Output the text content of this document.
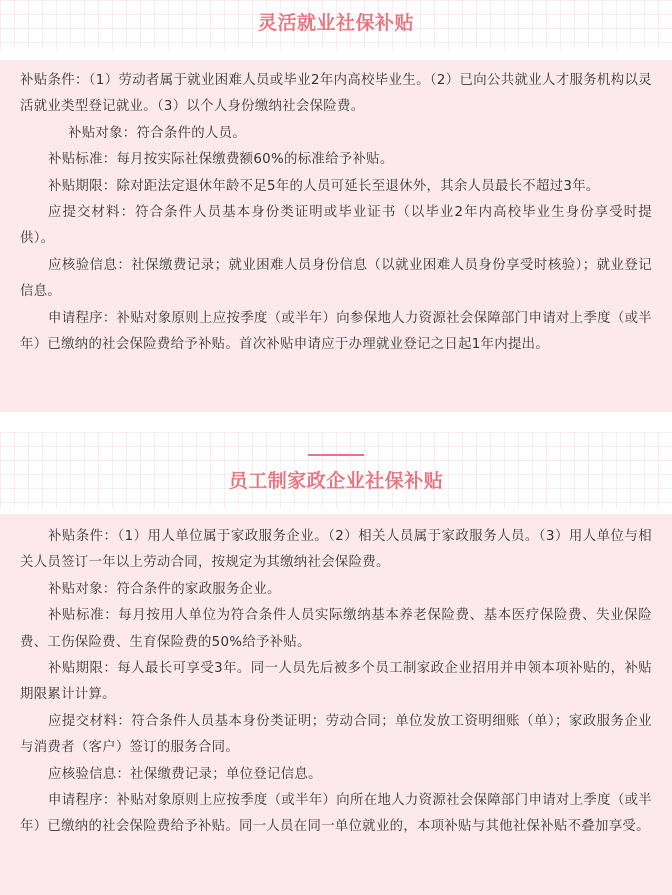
灵活就业社保补贴

补贴条件：（1）劳动者属于就业困难人员或毕业2年内高校毕业生。（2）已向公共就业人才服务机构以灵活就业类型登记就业。（3）以个人身份缴纳社会保险费。

补贴对象：符合条件的人员。

补贴标准：每月按实际社保缴费额60%的标准给予补贴。

补贴期限：除对距法定退休年龄不足5年的人员可延长至退休外，其余人员最长不超过3年。

应提交材料：符合条件人员基本身份类证明或毕业证书（以毕业2年内高校毕业生身份享受时提供）。

应核验信息：社保缴费记录；就业困难人员身份信息（以就业困难人员身份享受时核验）；就业登记信息。

申请程序：补贴对象原则上应按季度（或半年）向参保地人力资源社会保障部门申请对上季度（或半年）已缴纳的社会保险费给予补贴。首次补贴申请应于办理就业登记之日起1年内提出。

员工制家政企业社保补贴

补贴条件：（1）用人单位属于家政服务企业。（2）相关人员属于家政服务人员。（3）用人单位与相关人员签订一年以上劳动合同，按规定为其缴纳社会保险费。

补贴对象：符合条件的家政服务企业。

补贴标准：每月按用人单位为符合条件人员实际缴纳基本养老保险费、基本医疗保险费、失业保险费、工伤保险费、生育保险费的50%给予补贴。

补贴期限：每人最长可享受3年。同一人员先后被多个员工制家政企业招用并申领本项补贴的，补贴期限累计计算。

应提交材料：符合条件人员基本身份类证明；劳动合同；单位发放工资明细账（单）；家政服务企业与消费者（客户）签订的服务合同。

应核验信息：社保缴费记录；单位登记信息。

申请程序：补贴对象原则上应按季度（或半年）向所在地人力资源社会保障部门申请对上季度（或半年）已缴纳的社会保险费给予补贴。同一人员在同一单位就业的，本项补贴与其他社保补贴不叠加享受。
